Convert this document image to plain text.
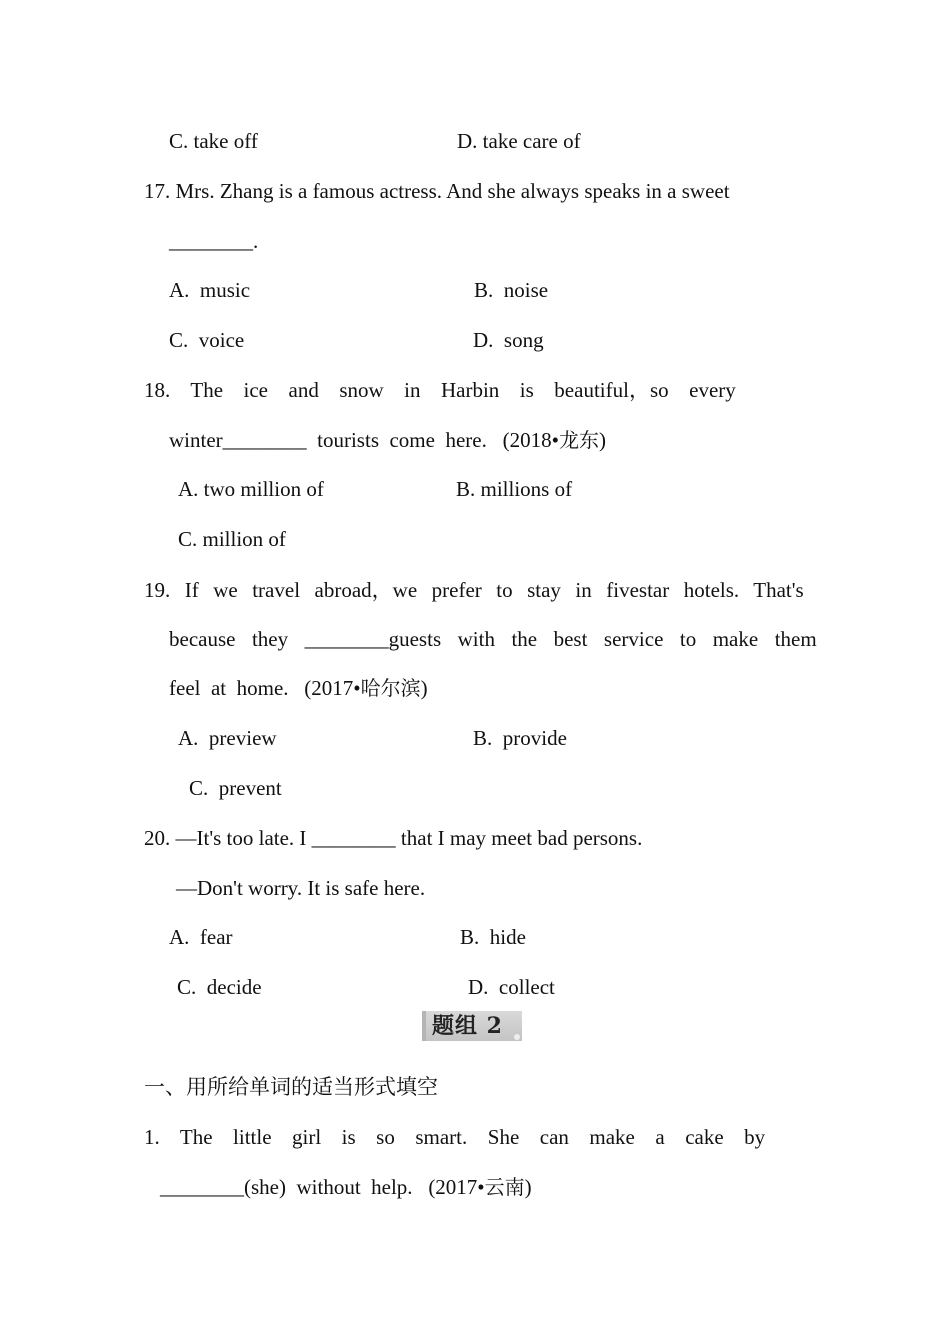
C. take off	D. take care of
17. Mrs. Zhang is a famous actress. And she always speaks in a sweet
________.
A.  music	B.  noise
C.  voice	D.  song
18.  The  ice  and  snow  in  Harbin  is  beautiful，so  every
winter________  tourists  come  here. (2018•龙东)
A. two million of	B. millions of
C. million of
19.  If  we  travel  abroad，we  prefer  to  stay  in  fivestar  hotels.  That's
because  they  ________guests  with  the  best  service  to  make  them
feel  at  home. (2017•哈尔滨)
A.  preview	B.  provide
C.  prevent
20. —It's too late. I ________ that I may meet bad persons.
—Don't worry. It is safe here.
A.  fear	B.  hide
C.  decide	D.  collect
题组 2
一、用所给单词的适当形式填空
1.  The  little  girl  is  so  smart.  She  can  make  a  cake  by
________(she)  without  help. (2017•云南)
